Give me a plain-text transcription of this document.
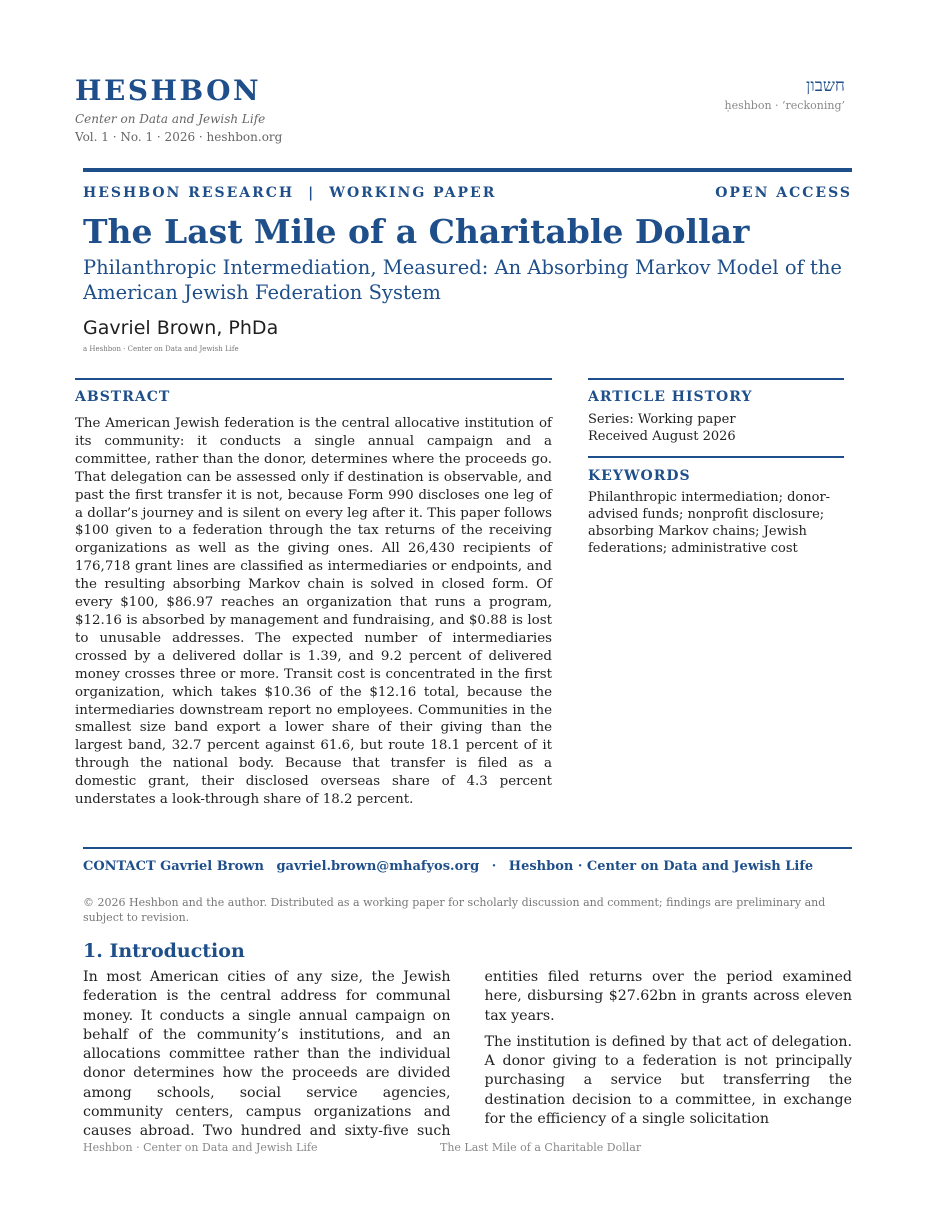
HESHBON
Center on Data and Jewish Life
Vol. 1 · No. 1 · 2026 · heshbon.org
חשבון
ḥeshbon · ‘reckoning’
HESHBON RESEARCH | WORKING PAPER	OPEN ACCESS
The Last Mile of a Charitable Dollar
Philanthropic Intermediation, Measured: An Absorbing Markov Model of the American Jewish Federation System
Gavriel Brown, PhDa
a Heshbon · Center on Data and Jewish Life
ABSTRACT
The American Jewish federation is the central allocative institution of its community: it conducts a single annual campaign and a committee, rather than the donor, determines where the proceeds go. That delegation can be assessed only if destination is observable, and past the first transfer it is not, because Form 990 discloses one leg of a dollar’s journey and is silent on every leg after it. This paper follows $100 given to a federation through the tax returns of the receiving organizations as well as the giving ones. All 26,430 recipients of 176,718 grant lines are classified as intermediaries or endpoints, and the resulting absorbing Markov chain is solved in closed form. Of every $100, $86.97 reaches an organization that runs a program, $12.16 is absorbed by management and fundraising, and $0.88 is lost to unusable addresses. The expected number of intermediaries crossed by a delivered dollar is 1.39, and 9.2 percent of delivered money crosses three or more. Transit cost is concentrated in the first organization, which takes $10.36 of the $12.16 total, because the intermediaries downstream report no employees. Communities in the smallest size band export a lower share of their giving than the largest band, 32.7 percent against 61.6, but route 18.1 percent of it through the national body. Because that transfer is filed as a domestic grant, their disclosed overseas share of 4.3 percent understates a look-through share of 18.2 percent.
ARTICLE HISTORY
Series: Working paper
Received August 2026
KEYWORDS
Philanthropic intermediation; donor-advised funds; nonprofit disclosure; absorbing Markov chains; Jewish federations; administrative cost
CONTACT Gavriel Brown gavriel.brown@mhafyos.org · Heshbon · Center on Data and Jewish Life
© 2026 Heshbon and the author. Distributed as a working paper for scholarly discussion and comment; findings are preliminary and subject to revision.
1. Introduction

In most American cities of any size, the Jewish federation is the central address for communal money. It conducts a single annual campaign on behalf of the community’s institutions, and an allocations committee rather than the individual donor determines how the proceeds are divided among schools, social service agencies, community centers, campus organizations and causes abroad. Two hundred and sixty-five such entities filed returns over the period examined here, disbursing $27.62bn in grants across eleven tax years.

The institution is defined by that act of delegation. A donor giving to a federation is not principally purchasing a service but transferring the destination decision to a committee, in exchange for the efficiency of a single solicitation

Heshbon · Center on Data and Jewish Life	The Last Mile of a Charitable Dollar
